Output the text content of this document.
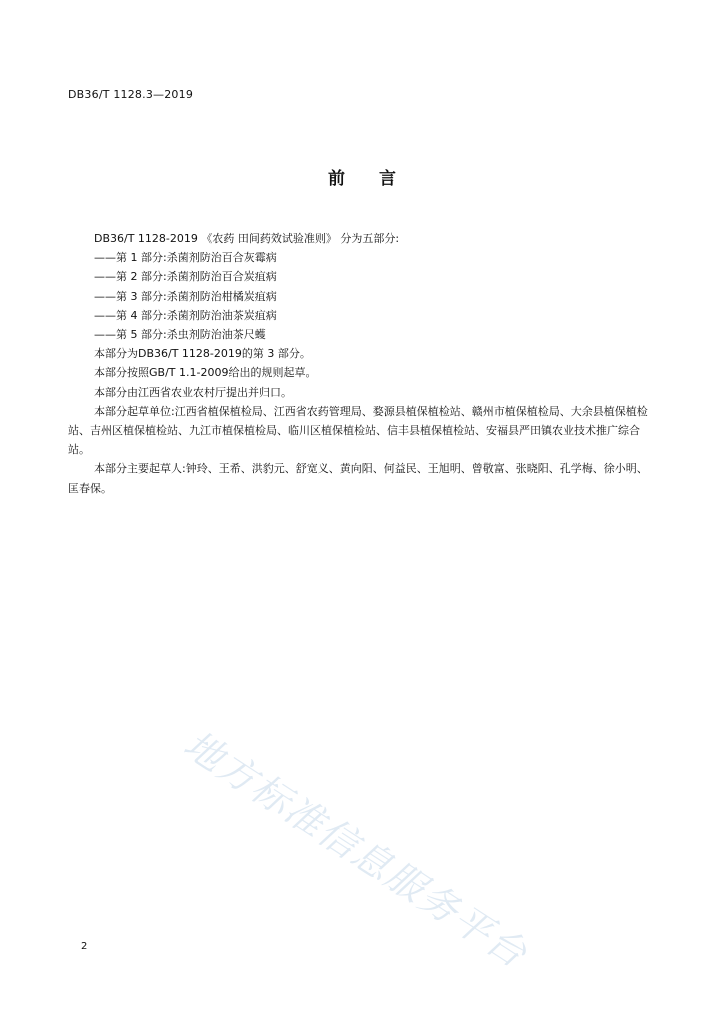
DB36/T 1128.3—2019
前 言

DB36/T 1128-2019 《农药 田间药效试验准则》 分为五部分:

——第 1 部分:杀菌剂防治百合灰霉病

——第 2 部分:杀菌剂防治百合炭疽病

——第 3 部分:杀菌剂防治柑橘炭疽病

——第 4 部分:杀菌剂防治油茶炭疽病

——第 5 部分:杀虫剂防治油茶尺蠖

本部分为DB36/T 1128-2019的第 3 部分。

本部分按照GB/T 1.1-2009给出的规则起草。

本部分由江西省农业农村厅提出并归口。

本部分起草单位:江西省植保植检局、江西省农药管理局、婺源县植保植检站、赣州市植保植检局、大余县植保植检站、吉州区植保植检站、九江市植保植检局、临川区植保植检站、信丰县植保植检站、安福县严田镇农业技术推广综合站。

本部分主要起草人:钟玲、王希、洪豹元、舒宽义、黄向阳、何益民、王旭明、曾敬富、张晓阳、孔学梅、徐小明、匡春保。

地方标准信息服务平台
2
